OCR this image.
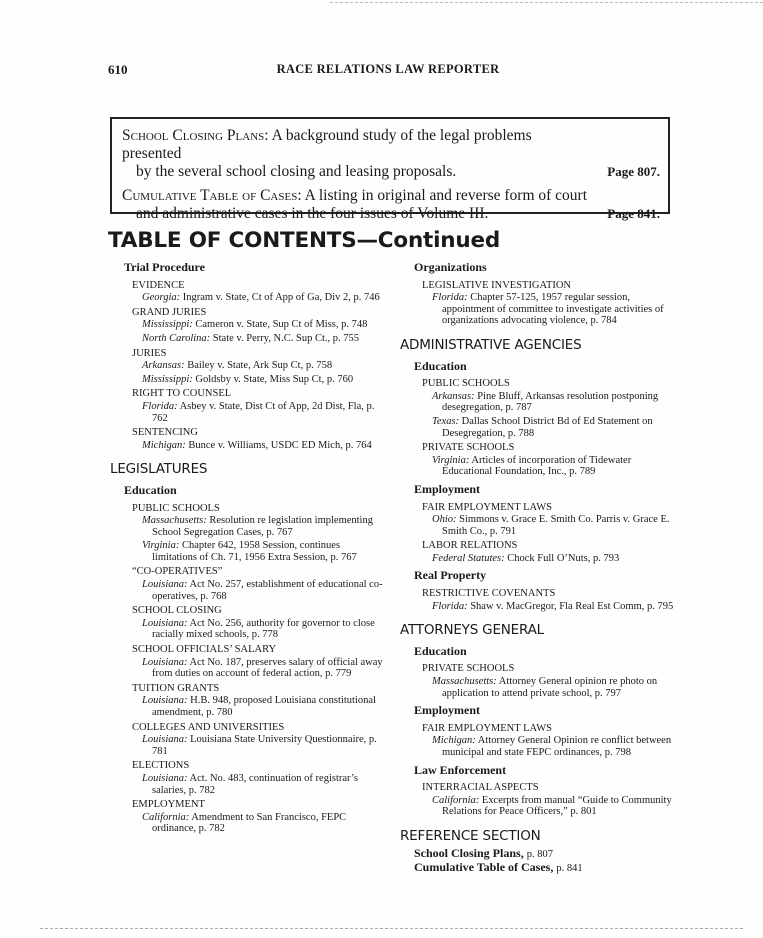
610	RACE RELATIONS LAW REPORTER
School Closing Plans: A background study of the legal problems presented
by the several school closing and leasing proposals.	Page 807.
Cumulative Table of Cases: A listing in original and reverse form of court
and administrative cases in the four issues of Volume III.	Page 841.
TABLE OF CONTENTS—Continued
Trial Procedure
EVIDENCE
Georgia: Ingram v. State, Ct of App of Ga, Div 2, p. 746
GRAND JURIES
Mississippi: Cameron v. State, Sup Ct of Miss, p. 748
North Carolina: State v. Perry, N.C. Sup Ct., p. 755
JURIES
Arkansas: Bailey v. State, Ark Sup Ct, p. 758
Mississippi: Goldsby v. State, Miss Sup Ct, p. 760
RIGHT TO COUNSEL
Florida: Asbey v. State, Dist Ct of App, 2d Dist, Fla, p. 762
SENTENCING
Michigan: Bunce v. Williams, USDC ED Mich, p. 764
LEGISLATURES
Education
PUBLIC SCHOOLS
Massachusetts: Resolution re legislation implementing School Segregation Cases, p. 767
Virginia: Chapter 642, 1958 Session, continues limitations of Ch. 71, 1956 Extra Session, p. 767
“CO-OPERATIVES”
Louisiana: Act No. 257, establishment of educational co-operatives, p. 768
SCHOOL CLOSING
Louisiana: Act No. 256, authority for governor to close racially mixed schools, p. 778
SCHOOL OFFICIALS’ SALARY
Louisiana: Act No. 187, preserves salary of official away from duties on account of federal action, p. 779
TUITION GRANTS
Louisiana: H.B. 948, proposed Louisiana constitutional amendment, p. 780
COLLEGES AND UNIVERSITIES
Louisiana: Louisiana State University Questionnaire, p. 781
ELECTIONS
Louisiana: Act. No. 483, continuation of registrar’s salaries, p. 782
EMPLOYMENT
California: Amendment to San Francisco, FEPC ordinance, p. 782
Organizations
LEGISLATIVE INVESTIGATION
Florida: Chapter 57-125, 1957 regular session, appointment of committee to investigate activities of organizations advocating violence, p. 784
ADMINISTRATIVE AGENCIES
Education
PUBLIC SCHOOLS
Arkansas: Pine Bluff, Arkansas resolution postponing desegregation, p. 787
Texas: Dallas School District Bd of Ed Statement on Desegregation, p. 788
PRIVATE SCHOOLS
Virginia: Articles of incorporation of Tidewater Educational Foundation, Inc., p. 789
Employment
FAIR EMPLOYMENT LAWS
Ohio: Simmons v. Grace E. Smith Co. Parris v. Grace E. Smith Co., p. 791
LABOR RELATIONS
Federal Statutes: Chock Full O’Nuts, p. 793
Real Property
RESTRICTIVE COVENANTS
Florida: Shaw v. MacGregor, Fla Real Est Comm, p. 795
ATTORNEYS GENERAL
Education
PRIVATE SCHOOLS
Massachusetts: Attorney General opinion re photo on application to attend private school, p. 797
Employment
FAIR EMPLOYMENT LAWS
Michigan: Attorney General Opinion re conflict between municipal and state FEPC ordinances, p. 798
Law Enforcement
INTERRACIAL ASPECTS
California: Excerpts from manual “Guide to Community Relations for Peace Officers,” p. 801
REFERENCE SECTION
School Closing Plans, p. 807
Cumulative Table of Cases, p. 841
